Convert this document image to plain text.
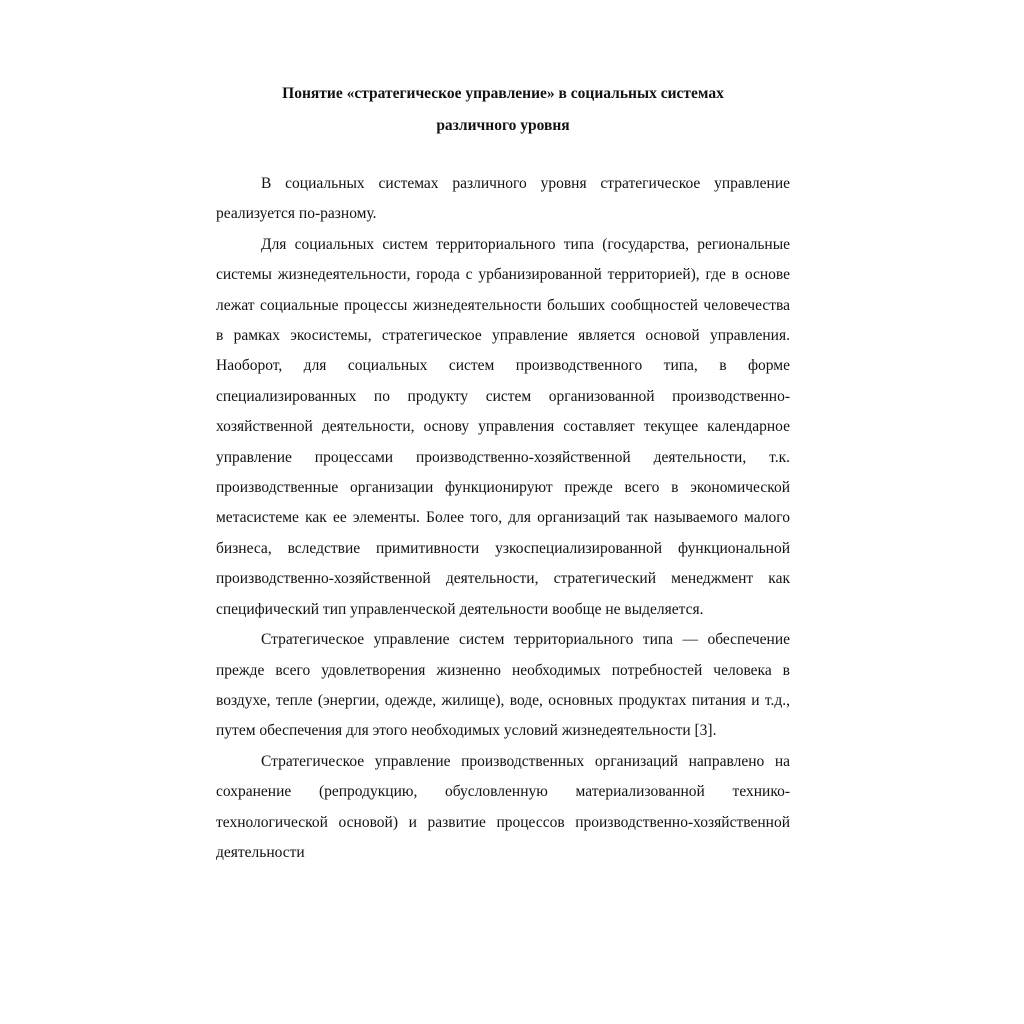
Понятие «стратегическое управление» в социальных системах
различного уровня

В социальных системах различного уровня стратегическое управление реализуется по-разному.

Для социальных систем территориального типа (государства, региональные системы жизнедеятельности, города с урбанизированной территорией), где в основе лежат социальные процессы жизнедеятельности больших сообщностей человечества в рамках экосистемы, стратегическое управление является основой управления. Наоборот, для социальных систем производственного типа, в форме специализированных по продукту систем организованной производственно-хозяйственной деятельности, основу управления составляет текущее календарное управление процессами производственно-хозяйственной деятельности, т.к. производственные организации функционируют прежде всего в экономической метасистеме как ее элементы. Более того, для организаций так называемого малого бизнеса, вследствие примитивности узкоспециализированной функциональной производственно-хозяйственной деятельности, стратегический менеджмент как специфический тип управленческой деятельности вообще не выделяется.

Стратегическое управление систем территориального типа — обеспечение прежде всего удовлетворения жизненно необходимых потребностей человека в воздухе, тепле (энергии, одежде, жилище), воде, основных продуктах питания и т.д., путем обеспечения для этого необходимых условий жизнедеятельности [3].

Стратегическое управление производственных организаций направлено на сохранение (репродукцию, обусловленную материализованной технико-технологической основой) и развитие процессов производственно-хозяйственной деятельности
